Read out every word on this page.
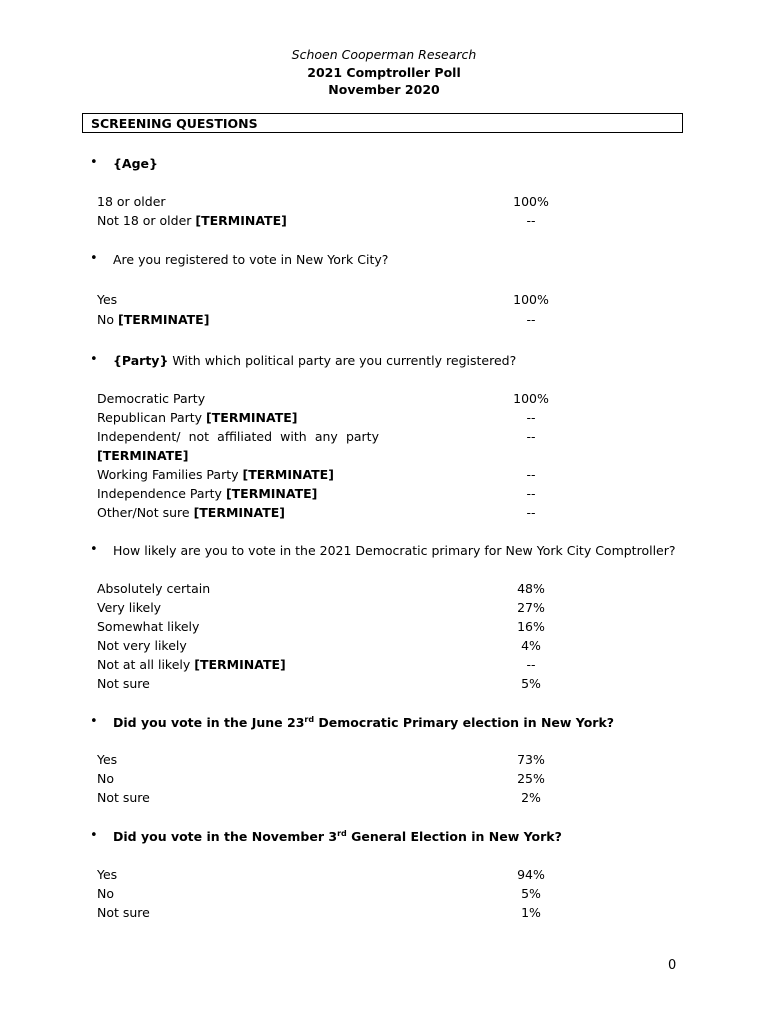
Schoen Cooperman Research
2021 Comptroller Poll
November 2020
SCREENING QUESTIONS
• {Age}
18 or older	100%
Not 18 or older [TERMINATE]	--
• Are you registered to vote in New York City?
Yes	100%
No [TERMINATE]	--
• {Party} With which political party are you currently registered?
Democratic Party	100%
Republican Party [TERMINATE]	--
Independent/ not affiliated with any party	--
[TERMINATE]
Working Families Party [TERMINATE]	--
Independence Party [TERMINATE]	--
Other/Not sure [TERMINATE]	--
• How likely are you to vote in the 2021 Democratic primary for New York City Comptroller?
Absolutely certain	48%
Very likely	27%
Somewhat likely	16%
Not very likely	4%
Not at all likely [TERMINATE]	--
Not sure	5%
• Did you vote in the June 23rd Democratic Primary election in New York?
Yes	73%
No	25%
Not sure	2%
• Did you vote in the November 3rd General Election in New York?
Yes	94%
No	5%
Not sure	1%
0
